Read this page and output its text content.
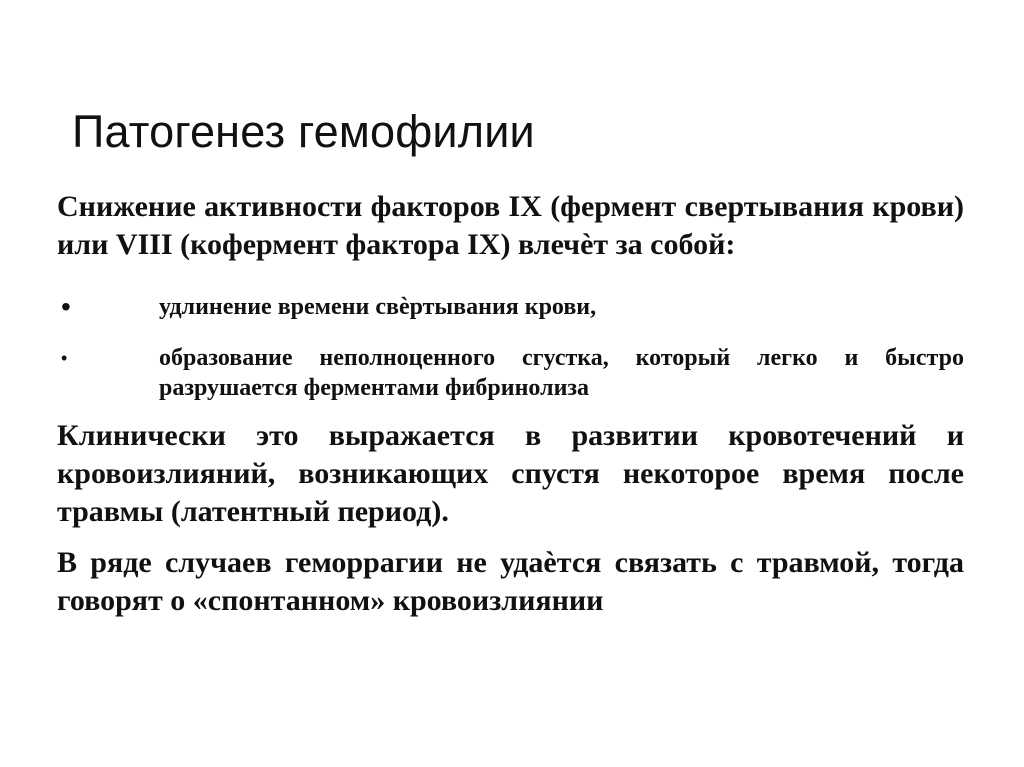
Патогенез гемофилии

Снижение активности факторов IX (фермент свертывания крови) или VIII (кофермент фактора IX) влечѐт за собой:

•	удлинение времени свѐртывания крови,
•	образование неполноценного сгустка, который легко и быстро разрушается ферментами фибринолиза

Клинически это выражается в развитии кровотечений и кровоизлияний, возникающих спустя некоторое время после травмы (латентный период).

В ряде случаев геморрагии не удаѐтся связать с травмой, тогда говорят о «спонтанном» кровоизлиянии
